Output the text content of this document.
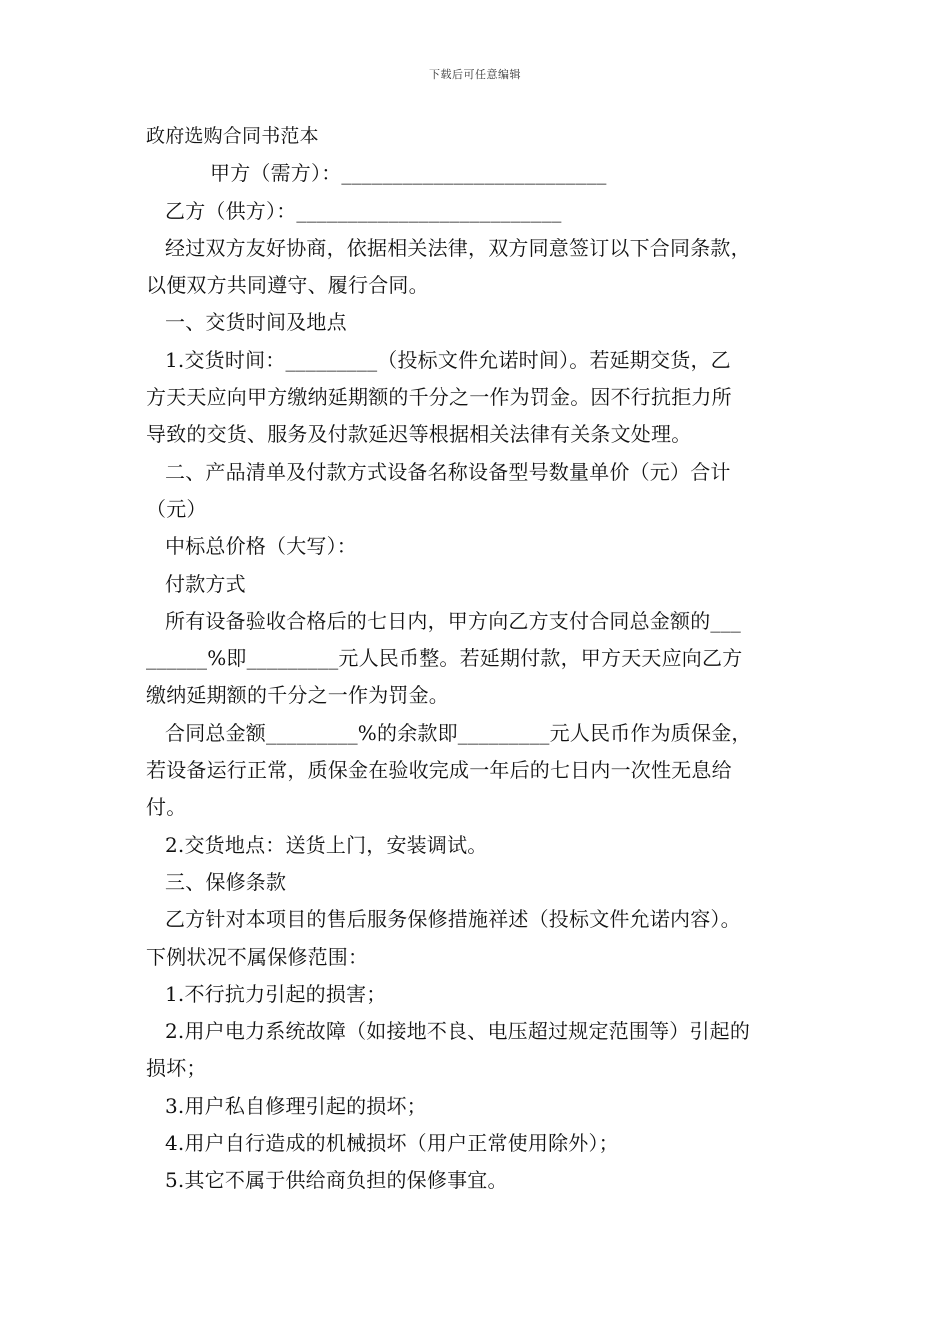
下载后可任意编辑
政府选购合同书范本
甲方（需方）：__________________________
乙方（供方）：__________________________
经过双方友好协商，依据相关法律，双方同意签订以下合同条款，
以便双方共同遵守、履行合同。
一、交货时间及地点
1.交货时间：_________（投标文件允诺时间）。若延期交货，乙
方天天应向甲方缴纳延期额的千分之一作为罚金。因不行抗拒力所
导致的交货、服务及付款延迟等根据相关法律有关条文处理。
二、产品清单及付款方式设备名称设备型号数量单价（元）合计
（元）
中标总价格（大写）：
付款方式
所有设备验收合格后的七日内，甲方向乙方支付合同总金额的___
______%即_________元人民币整。若延期付款，甲方天天应向乙方
缴纳延期额的千分之一作为罚金。
合同总金额_________%的余款即_________元人民币作为质保金，
若设备运行正常，质保金在验收完成一年后的七日内一次性无息给
付。
2.交货地点：送货上门，安装调试。
三、保修条款
乙方针对本项目的售后服务保修措施祥述（投标文件允诺内容）。
下例状况不属保修范围：
1.不行抗力引起的损害；
2.用户电力系统故障（如接地不良、电压超过规定范围等）引起的
损坏；
3.用户私自修理引起的损坏；
4.用户自行造成的机械损坏（用户正常使用除外）；
5.其它不属于供给商负担的保修事宜。
